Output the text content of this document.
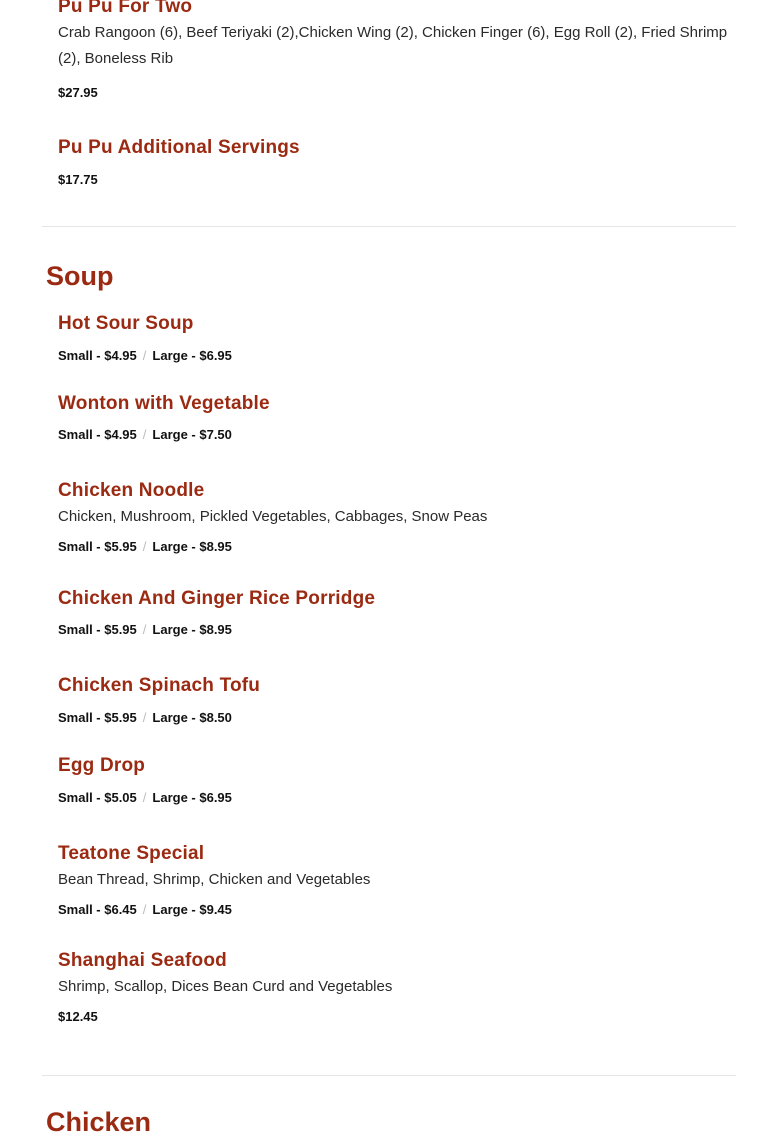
Pu Pu For Two
Crab Rangoon (6), Beef Teriyaki (2),Chicken Wing (2), Chicken Finger (6), Egg Roll (2), Fried Shrimp (2), Boneless Rib
$27.95
Pu Pu Additional Servings
$17.75
Soup
Hot Sour Soup
Small - $4.95 / Large - $6.95
Wonton with Vegetable
Small - $4.95 / Large - $7.50
Chicken Noodle
Chicken, Mushroom, Pickled Vegetables, Cabbages, Snow Peas
Small - $5.95 / Large - $8.95
Chicken And Ginger Rice Porridge
Small - $5.95 / Large - $8.95
Chicken Spinach Tofu
Small - $5.95 / Large - $8.50
Egg Drop
Small - $5.05 / Large - $6.95
Teatone Special
Bean Thread, Shrimp, Chicken and Vegetables
Small - $6.45 / Large - $9.45
Shanghai Seafood
Shrimp, Scallop, Dices Bean Curd and Vegetables
$12.45
Chicken
